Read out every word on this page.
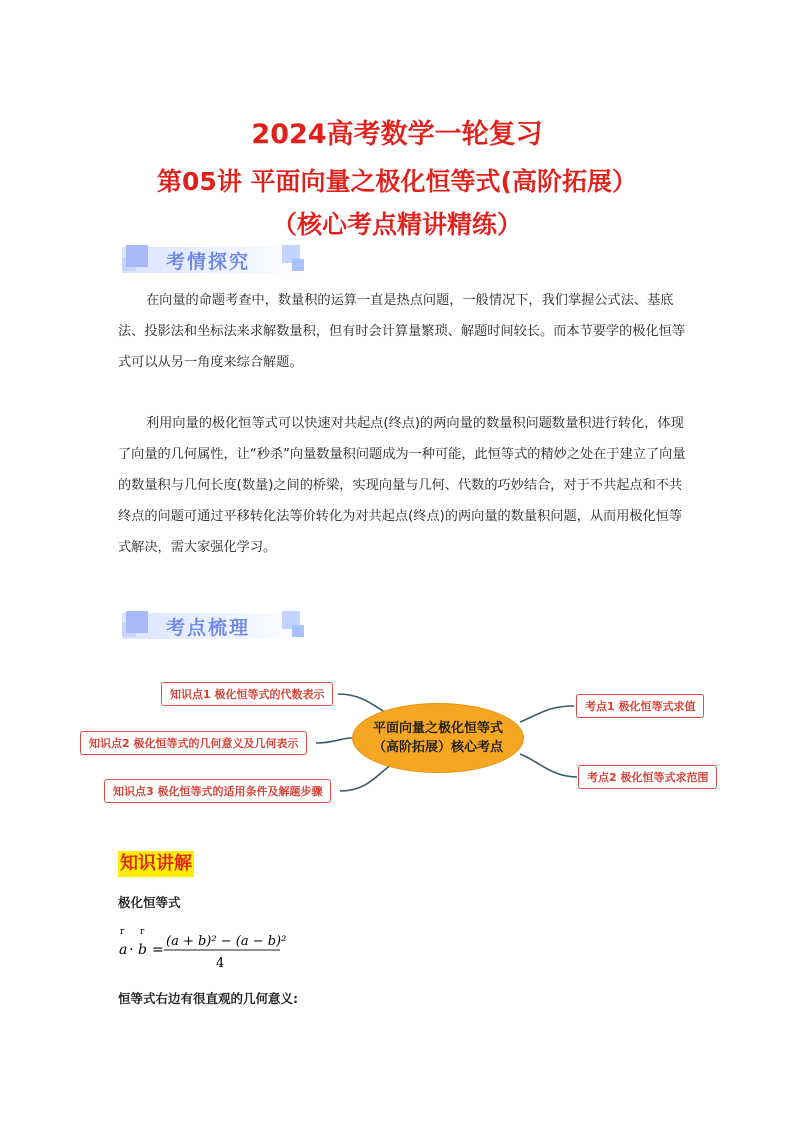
2024高考数学一轮复习
第05讲 平面向量之极化恒等式(高阶拓展）
（核心考点精讲精练）
考情探究
在向量的命题考查中，数量积的运算一直是热点问题，一般情况下，我们掌握公式法、基底法、投影法和坐标法来求解数量积，但有时会计算量繁琐、解题时间较长。而本节要学的极化恒等式可以从另一角度来综合解题。
利用向量的极化恒等式可以快速对共起点(终点)的两向量的数量积问题数量积进行转化，体现了向量的几何属性，让“秒杀”向量数量积问题成为一种可能，此恒等式的精妙之处在于建立了向量的数量积与几何长度(数量)之间的桥梁，实现向量与几何、代数的巧妙结合，对于不共起点和不共终点的问题可通过平移转化法等价转化为对共起点(终点)的两向量的数量积问题，从而用极化恒等式解决，需大家强化学习。
考点梳理
知识点1 极化恒等式的代数表示
知识点2 极化恒等式的几何意义及几何表示
知识点3 极化恒等式的适用条件及解题步骤
考点1 极化恒等式求值
考点2 极化恒等式求范围
平面向量之极化恒等式
（高阶拓展）核心考点
知识讲解
极化恒等式
r r
a · b =
(a + b)² − (a − b)²
4
恒等式右边有很直观的几何意义:
